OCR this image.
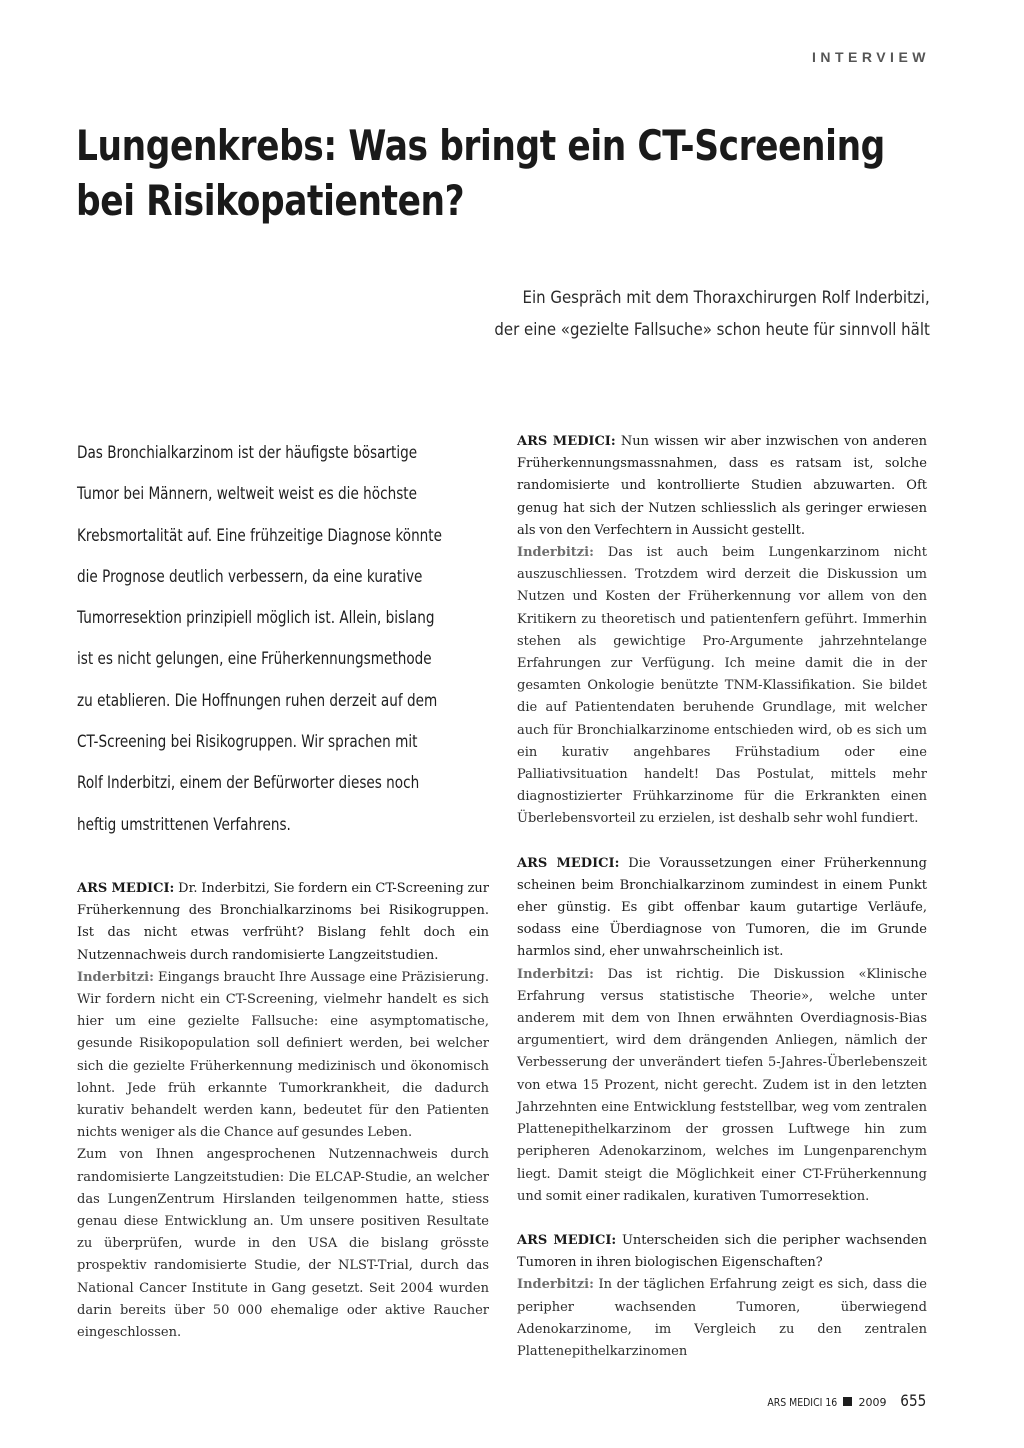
INTERVIEW
Lungenkrebs: Was bringt ein CT-Screening
bei Risikopatienten?

Ein Gespräch mit dem Thoraxchirurgen Rolf Inderbitzi,
der eine «gezielte Fallsuche» schon heute für sinnvoll hält

Das Bronchialkarzinom ist der häufigste bösartige Tumor bei Männern, weltweit weist es die höchste Krebsmortalität auf. Eine frühzeitige Diagnose könnte die Prognose deutlich verbessern, da eine kurative Tumorresektion prinzipiell möglich ist. Allein, bislang ist es nicht gelungen, eine Früherkennungsmethode zu etablieren. Die Hoffnungen ruhen derzeit auf dem CT-Screening bei Risikogruppen. Wir sprachen mit Rolf Inderbitzi, einem der Befürworter dieses noch heftig umstrittenen Verfahrens.

ARS MEDICI: Dr. Inderbitzi, Sie fordern ein CT-Screening zur Früherkennung des Bronchialkarzinoms bei Risikogruppen. Ist das nicht etwas verfrüht? Bislang fehlt doch ein Nutzennachweis durch randomisierte Langzeitstudien.

Inderbitzi: Eingangs braucht Ihre Aussage eine Präzisierung. Wir fordern nicht ein CT-Screening, vielmehr handelt es sich hier um eine gezielte Fallsuche: eine asymptomatische, gesunde Risikopopulation soll definiert werden, bei welcher sich die gezielte Früherkennung medizinisch und ökonomisch lohnt. Jede früh erkannte Tumorkrankheit, die dadurch kurativ behandelt werden kann, bedeutet für den Patienten nichts weniger als die Chance auf gesundes Leben.

Zum von Ihnen angesprochenen Nutzennachweis durch randomisierte Langzeitstudien: Die ELCAP-Studie, an welcher das LungenZentrum Hirslanden teilgenommen hatte, stiess genau diese Entwicklung an. Um unsere positiven Resultate zu überprüfen, wurde in den USA die bislang grösste prospektiv randomisierte Studie, der NLST-Trial, durch das National Cancer Institute in Gang gesetzt. Seit 2004 wurden darin bereits über 50 000 ehemalige oder aktive Raucher eingeschlossen.

ARS MEDICI: Nun wissen wir aber inzwischen von anderen Früherkennungsmassnahmen, dass es ratsam ist, solche randomisierte und kontrollierte Studien abzuwarten. Oft genug hat sich der Nutzen schliesslich als geringer erwiesen als von den Verfechtern in Aussicht gestellt.

Inderbitzi: Das ist auch beim Lungenkarzinom nicht auszuschliessen. Trotzdem wird derzeit die Diskussion um Nutzen und Kosten der Früherkennung vor allem von den Kritikern zu theoretisch und patientenfern geführt. Immerhin stehen als gewichtige Pro-Argumente jahrzehntelange Erfahrungen zur Verfügung. Ich meine damit die in der gesamten Onkologie benützte TNM-Klassifikation. Sie bildet die auf Patientendaten beruhende Grundlage, mit welcher auch für Bronchialkarzinome entschieden wird, ob es sich um ein kurativ angehbares Frühstadium oder eine Palliativsituation handelt! Das Postulat, mittels mehr diagnostizierter Frühkarzinome für die Erkrankten einen Überlebensvorteil zu erzielen, ist deshalb sehr wohl fundiert.

ARS MEDICI: Die Voraussetzungen einer Früherkennung scheinen beim Bronchialkarzinom zumindest in einem Punkt eher günstig. Es gibt offenbar kaum gutartige Verläufe, sodass eine Überdiagnose von Tumoren, die im Grunde harmlos sind, eher unwahrscheinlich ist.

Inderbitzi: Das ist richtig. Die Diskussion «Klinische Erfahrung versus statistische Theorie», welche unter anderem mit dem von Ihnen erwähnten Overdiagnosis-Bias argumentiert, wird dem drängenden Anliegen, nämlich der Verbesserung der unverändert tiefen 5-Jahres-Überlebenszeit von etwa 15 Prozent, nicht gerecht. Zudem ist in den letzten Jahrzehnten eine Entwicklung feststellbar, weg vom zentralen Plattenepithelkarzinom der grossen Luftwege hin zum peripheren Adenokarzinom, welches im Lungenparenchym liegt. Damit steigt die Möglichkeit einer CT-Früherkennung und somit einer radikalen, kurativen Tumorresektion.

ARS MEDICI: Unterscheiden sich die peripher wachsenden Tumoren in ihren biologischen Eigenschaften?

Inderbitzi: In der täglichen Erfahrung zeigt es sich, dass die peripher wachsenden Tumoren, überwiegend Adenokarzinome, im Vergleich zu den zentralen Plattenepithelkarzinomen

ARS MEDICI 16 2009 655
